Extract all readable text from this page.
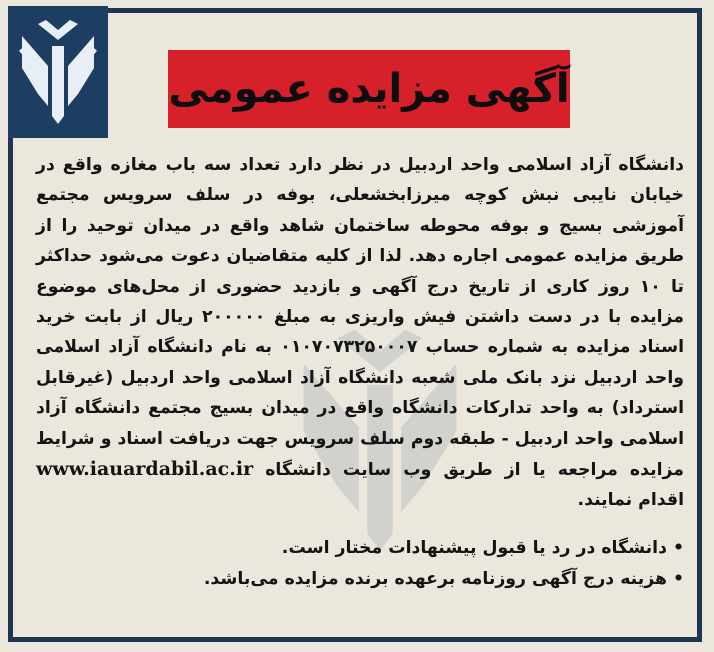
آگهی مزایده عمومی
دانشگاه آزاد اسلامی واحد اردبیل در نظر دارد تعداد سه باب مغازه واقع در خیابان نایبی نبش کوچه میرزابخشعلی، بوفه در سلف سرویس مجتمع آموزشی بسیج و بوفه محوطه ساختمان شاهد واقع در میدان توحید را از طریق مزایده عمومی اجاره دهد. لذا از کلیه متقاضیان دعوت می‌شود حداکثر تا ۱۰ روز کاری از تاریخ درج آگهی و بازدید حضوری از محل‌های موضوع مزایده با در دست داشتن فیش واریزی به مبلغ ۲۰۰۰۰۰ ریال از بابت خرید اسناد مزایده به شماره حساب ۰۱۰۷۰۷۳۲۵۰۰۰۷ به نام دانشگاه آزاد اسلامی واحد اردبیل نزد بانک ملی شعبه دانشگاه آزاد اسلامی واحد اردبیل (غیرقابل استرداد) به واحد تدارکات دانشگاه واقع در میدان بسیج مجتمع دانشگاه آزاد اسلامی واحد اردبیل - طبقه دوم سلف سرویس جهت دریافت اسناد و شرایط مزایده مراجعه یا از طریق وب سایت دانشگاه www.iauardabil.ac.ir اقدام نمایند.
•دانشگاه در رد یا قبول پیشنهادات مختار است.
•هزینه درج آگهی روزنامه برعهده برنده مزایده می‌باشد.
